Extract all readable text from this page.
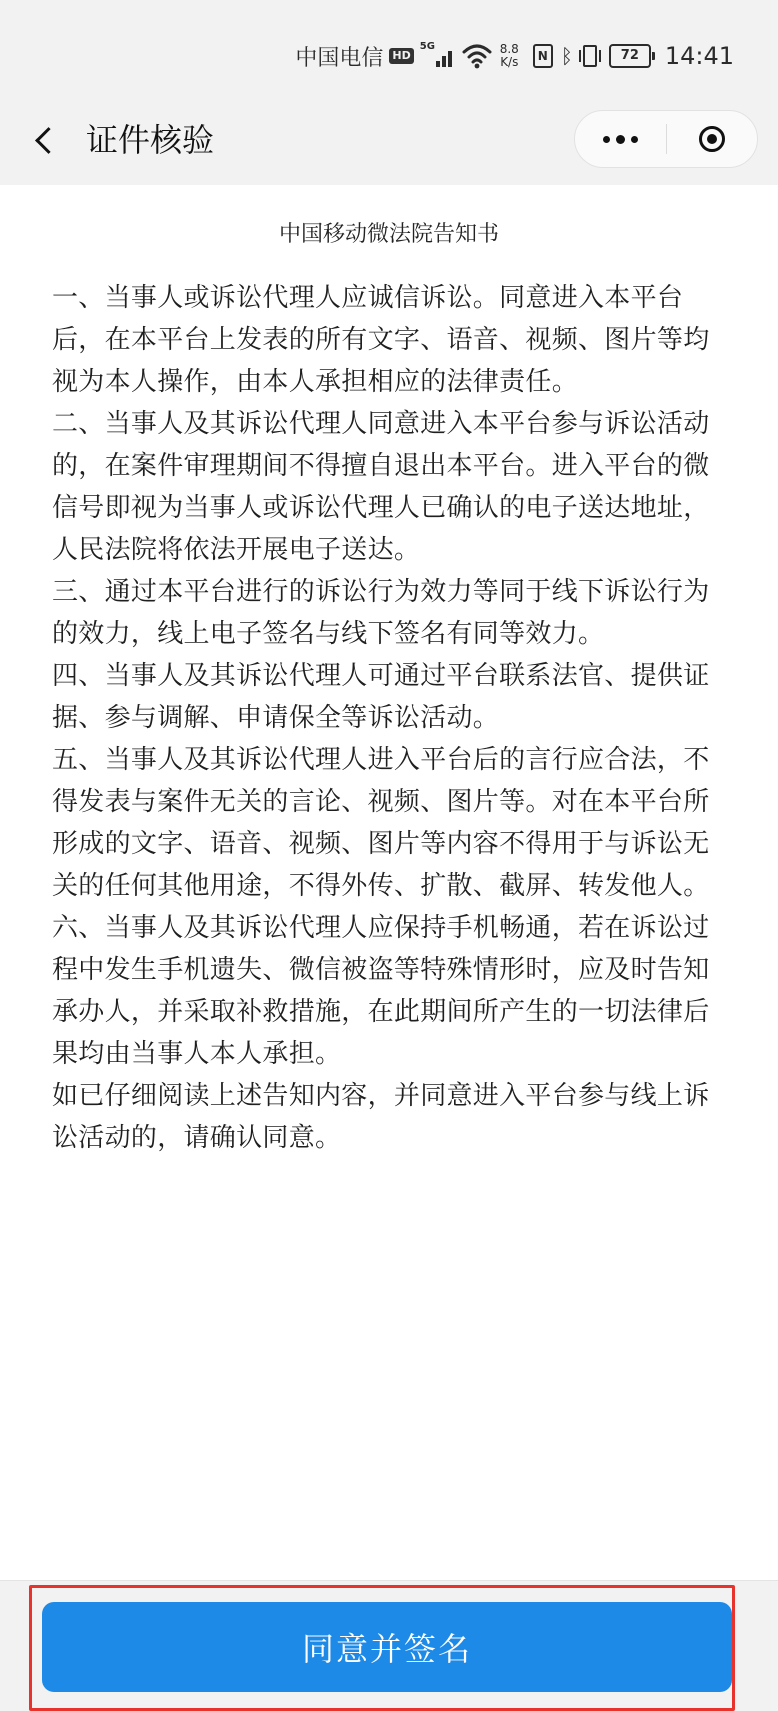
中国电信 HD
5G	8.8
K/s	N ᛒ	72	14:41
证件核验
中国移动微法院告知书

一、当事人或诉讼代理人应诚信诉讼。同意进入本平台后，在本平台上发表的所有文字、语音、视频、图片等均视为本人操作，由本人承担相应的法律责任。

二、当事人及其诉讼代理人同意进入本平台参与诉讼活动的，在案件审理期间不得擅自退出本平台。进入平台的微信号即视为当事人或诉讼代理人已确认的电子送达地址，人民法院将依法开展电子送达。

三、通过本平台进行的诉讼行为效力等同于线下诉讼行为的效力，线上电子签名与线下签名有同等效力。

四、当事人及其诉讼代理人可通过平台联系法官、提供证据、参与调解、申请保全等诉讼活动。

五、当事人及其诉讼代理人进入平台后的言行应合法，不得发表与案件无关的言论、视频、图片等。对在本平台所形成的文字、语音、视频、图片等内容不得用于与诉讼无关的任何其他用途，不得外传、扩散、截屏、转发他人。

六、当事人及其诉讼代理人应保持手机畅通，若在诉讼过程中发生手机遗失、微信被盗等特殊情形时，应及时告知承办人，并采取补救措施，在此期间所产生的一切法律后果均由当事人本人承担。

如已仔细阅读上述告知内容，并同意进入平台参与线上诉讼活动的，请确认同意。

同意并签名
